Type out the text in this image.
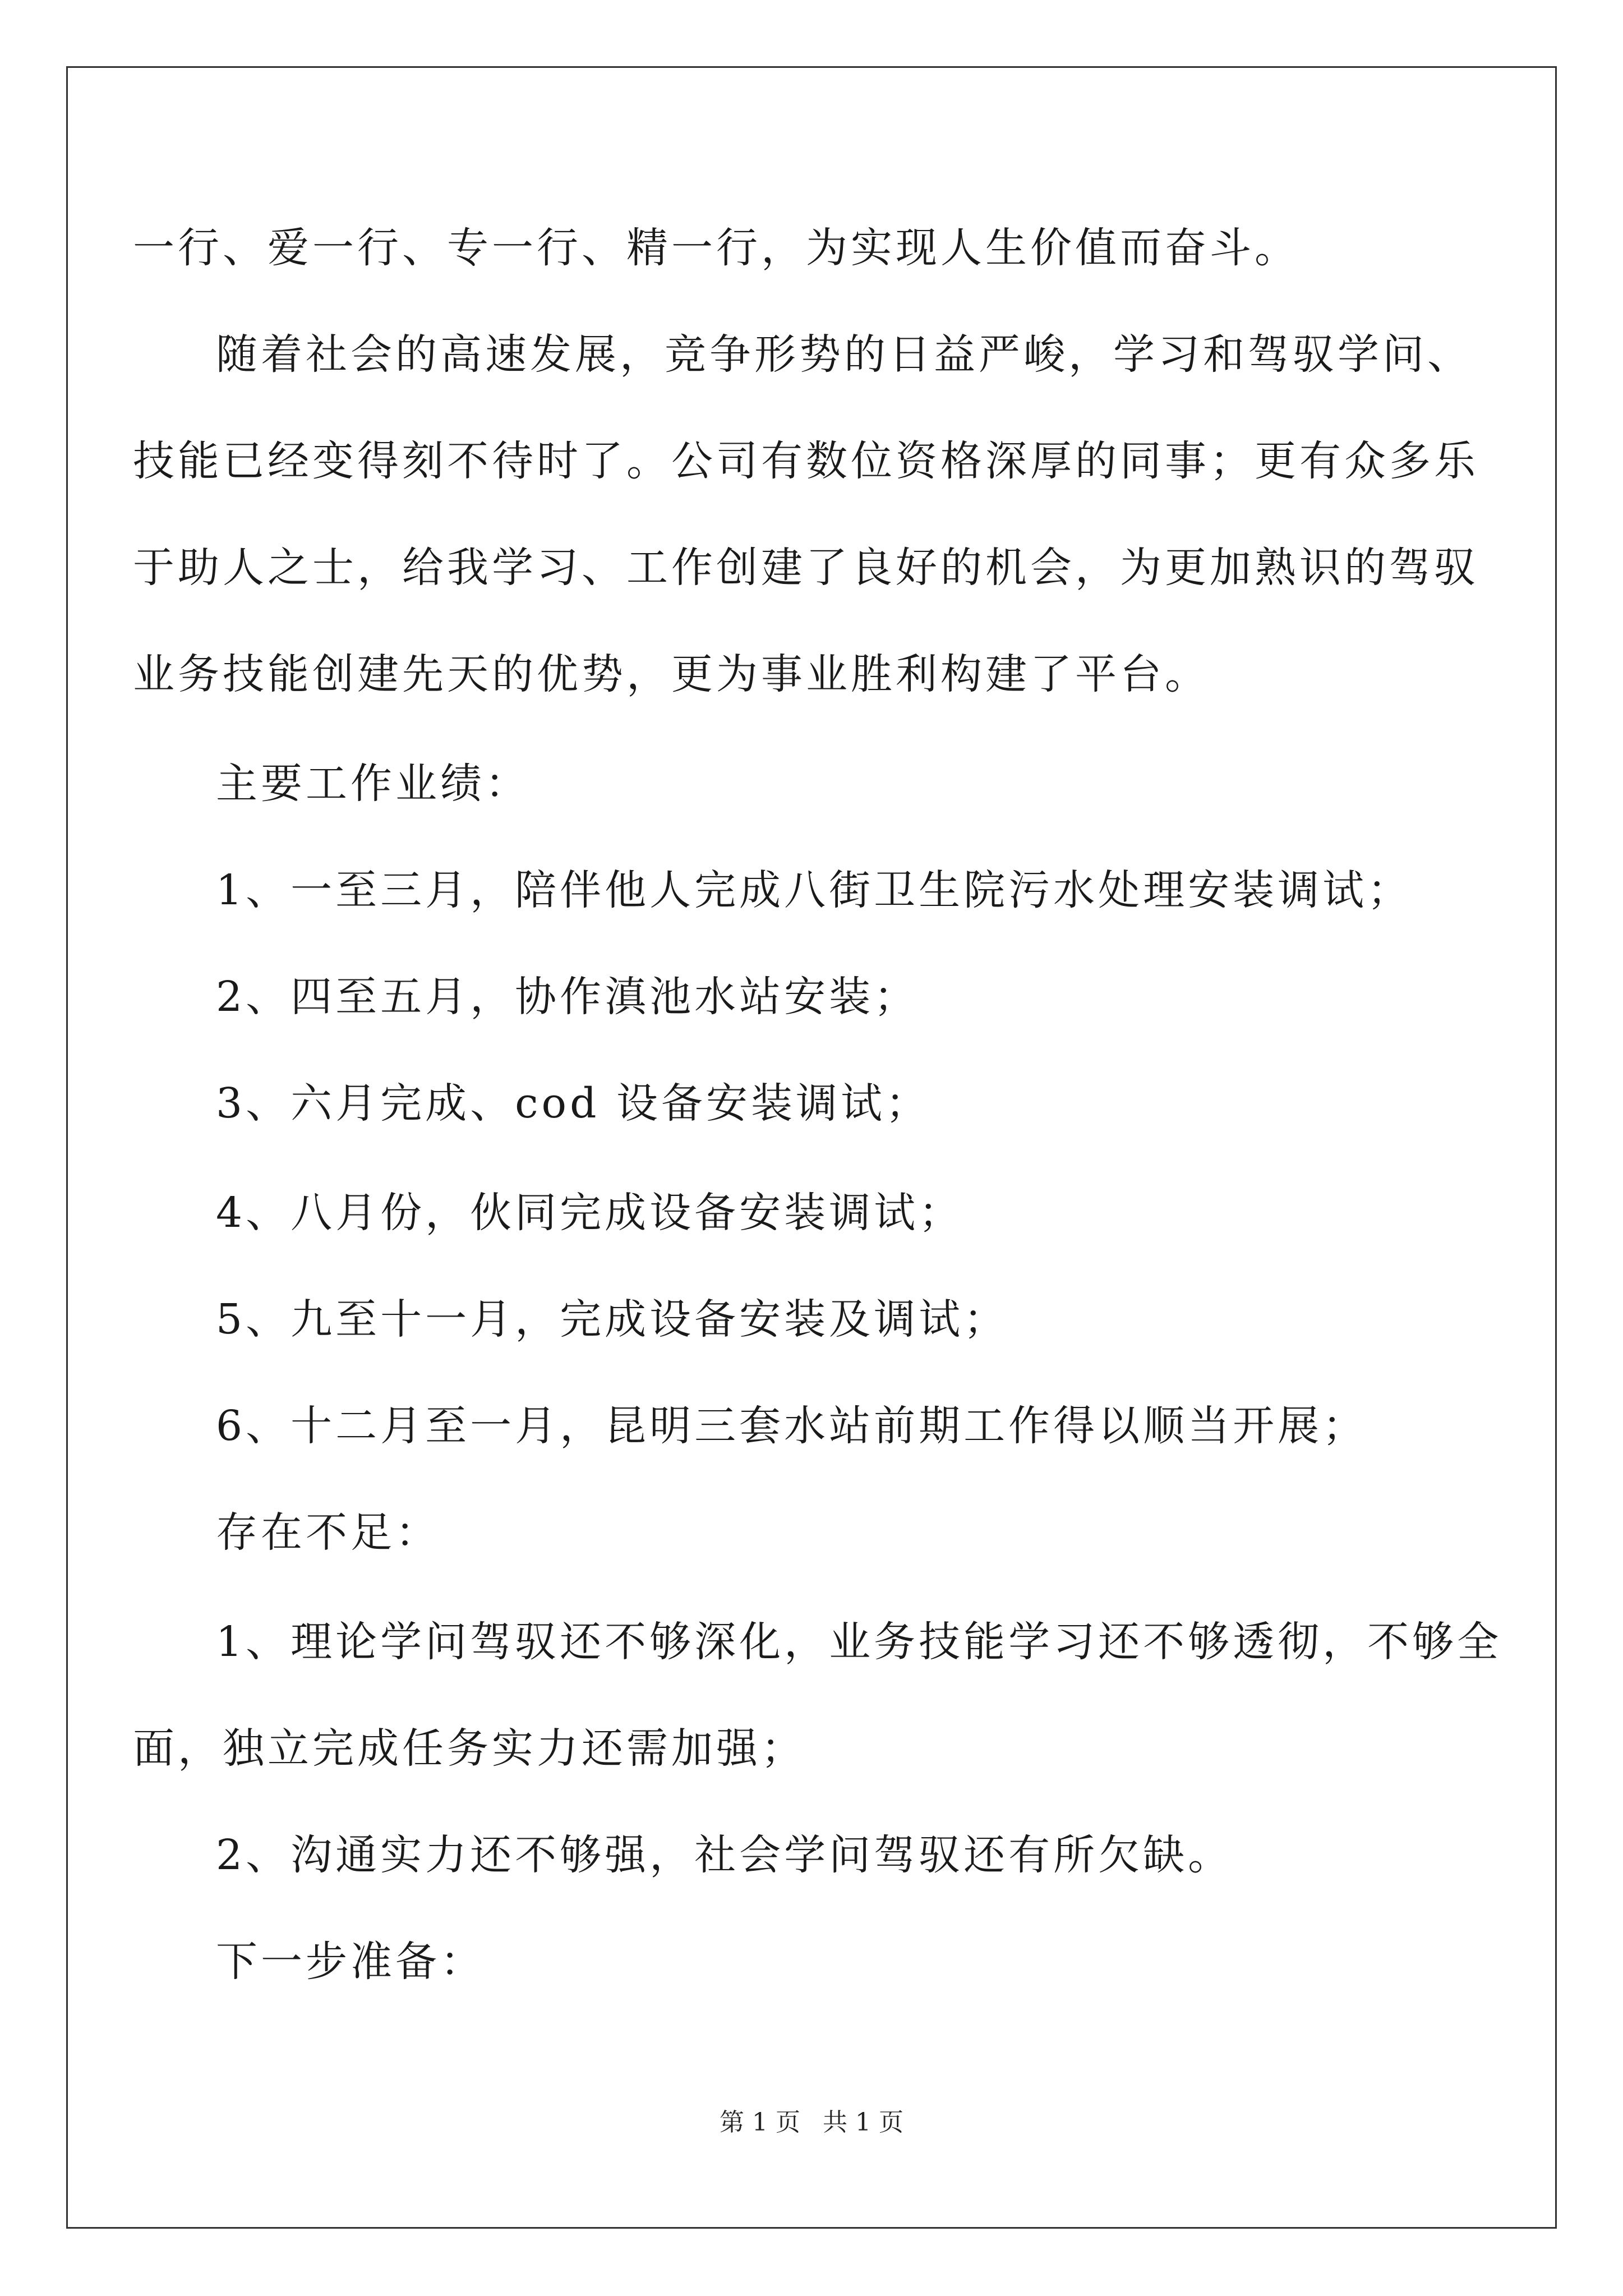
一行、爱一行、专一行、精一行，为实现人生价值而奋斗。
随着社会的高速发展，竞争形势的日益严峻，学习和驾驭学问、
技能已经变得刻不待时了。公司有数位资格深厚的同事；更有众多乐
于助人之士，给我学习、工作创建了良好的机会，为更加熟识的驾驭
业务技能创建先天的优势，更为事业胜利构建了平台。
主要工作业绩：
1、一至三月，陪伴他人完成八街卫生院污水处理安装调试；
2、四至五月，协作滇池水站安装；
3、六月完成、cod 设备安装调试；
4、八月份，伙同完成设备安装调试；
5、九至十一月，完成设备安装及调试；
6、十二月至一月，昆明三套水站前期工作得以顺当开展；
存在不足：
1、理论学问驾驭还不够深化，业务技能学习还不够透彻，不够全
面，独立完成任务实力还需加强；
2、沟通实力还不够强，社会学问驾驭还有所欠缺。
下一步准备：
第 1 页 共 1 页
